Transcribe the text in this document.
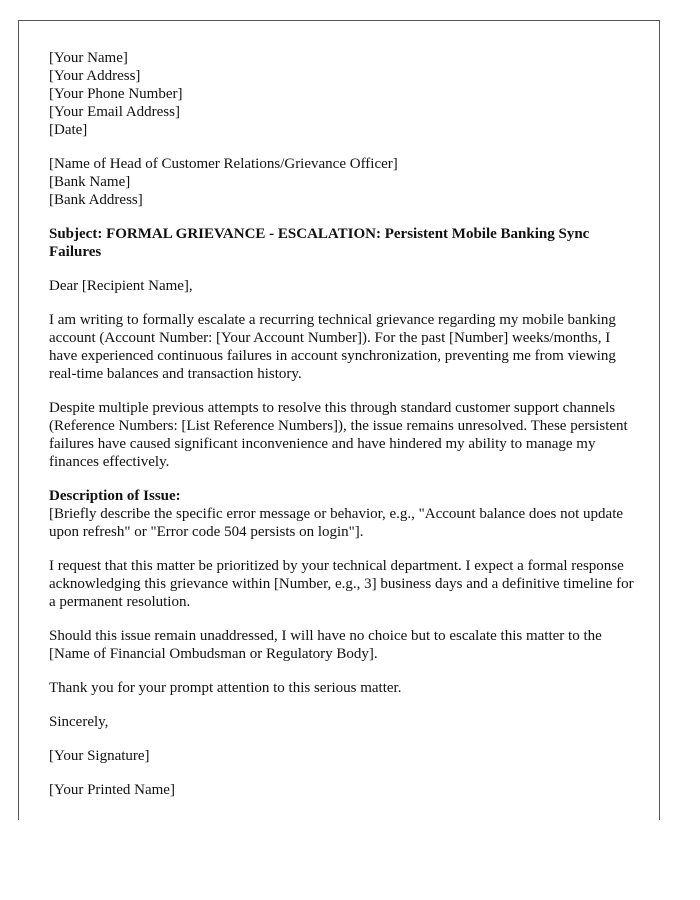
[Your Name]
[Your Address]
[Your Phone Number]
[Your Email Address]
[Date]
[Name of Head of Customer Relations/Grievance Officer]
[Bank Name]
[Bank Address]

Subject: FORMAL GRIEVANCE - ESCALATION: Persistent Mobile Banking Sync Failures

Dear [Recipient Name],

I am writing to formally escalate a recurring technical grievance regarding my mobile banking account (Account Number: [Your Account Number]). For the past [Number] weeks/months, I have experienced continuous failures in account synchronization, preventing me from viewing real-time balances and transaction history.

Despite multiple previous attempts to resolve this through standard customer support channels (Reference Numbers: [List Reference Numbers]), the issue remains unresolved. These persistent failures have caused significant inconvenience and have hindered my ability to manage my finances effectively.

Description of Issue:
[Briefly describe the specific error message or behavior, e.g., "Account balance does not update upon refresh" or "Error code 504 persists on login"].

I request that this matter be prioritized by your technical department. I expect a formal response acknowledging this grievance within [Number, e.g., 3] business days and a definitive timeline for a permanent resolution.

Should this issue remain unaddressed, I will have no choice but to escalate this matter to the [Name of Financial Ombudsman or Regulatory Body].

Thank you for your prompt attention to this serious matter.

Sincerely,

[Your Signature]

[Your Printed Name]
